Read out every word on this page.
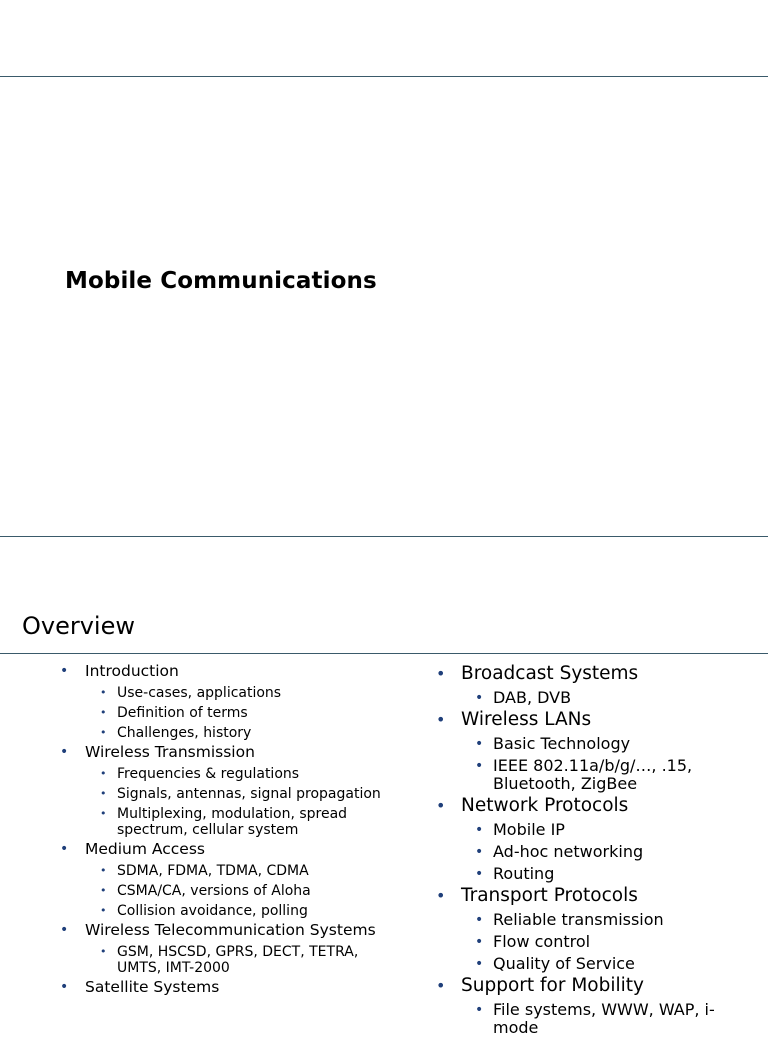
Mobile Communications
Overview
• Introduction
• Use-cases, applications
• Definition of terms
• Challenges, history
• Wireless Transmission
• Frequencies & regulations
• Signals, antennas, signal propagation
• Multiplexing, modulation, spread spectrum, cellular system
• Medium Access
• SDMA, FDMA, TDMA, CDMA
• CSMA/CA, versions of Aloha
• Collision avoidance, polling
• Wireless Telecommunication Systems
• GSM, HSCSD, GPRS, DECT, TETRA, UMTS, IMT-2000
• Satellite Systems
• Broadcast Systems
• DAB, DVB
• Wireless LANs
• Basic Technology
• IEEE 802.11a/b/g/…, .15, Bluetooth, ZigBee
• Network Protocols
• Mobile IP
• Ad-hoc networking
• Routing
• Transport Protocols
• Reliable transmission
• Flow control
• Quality of Service
• Support for Mobility
• File systems, WWW, WAP, i-mode
